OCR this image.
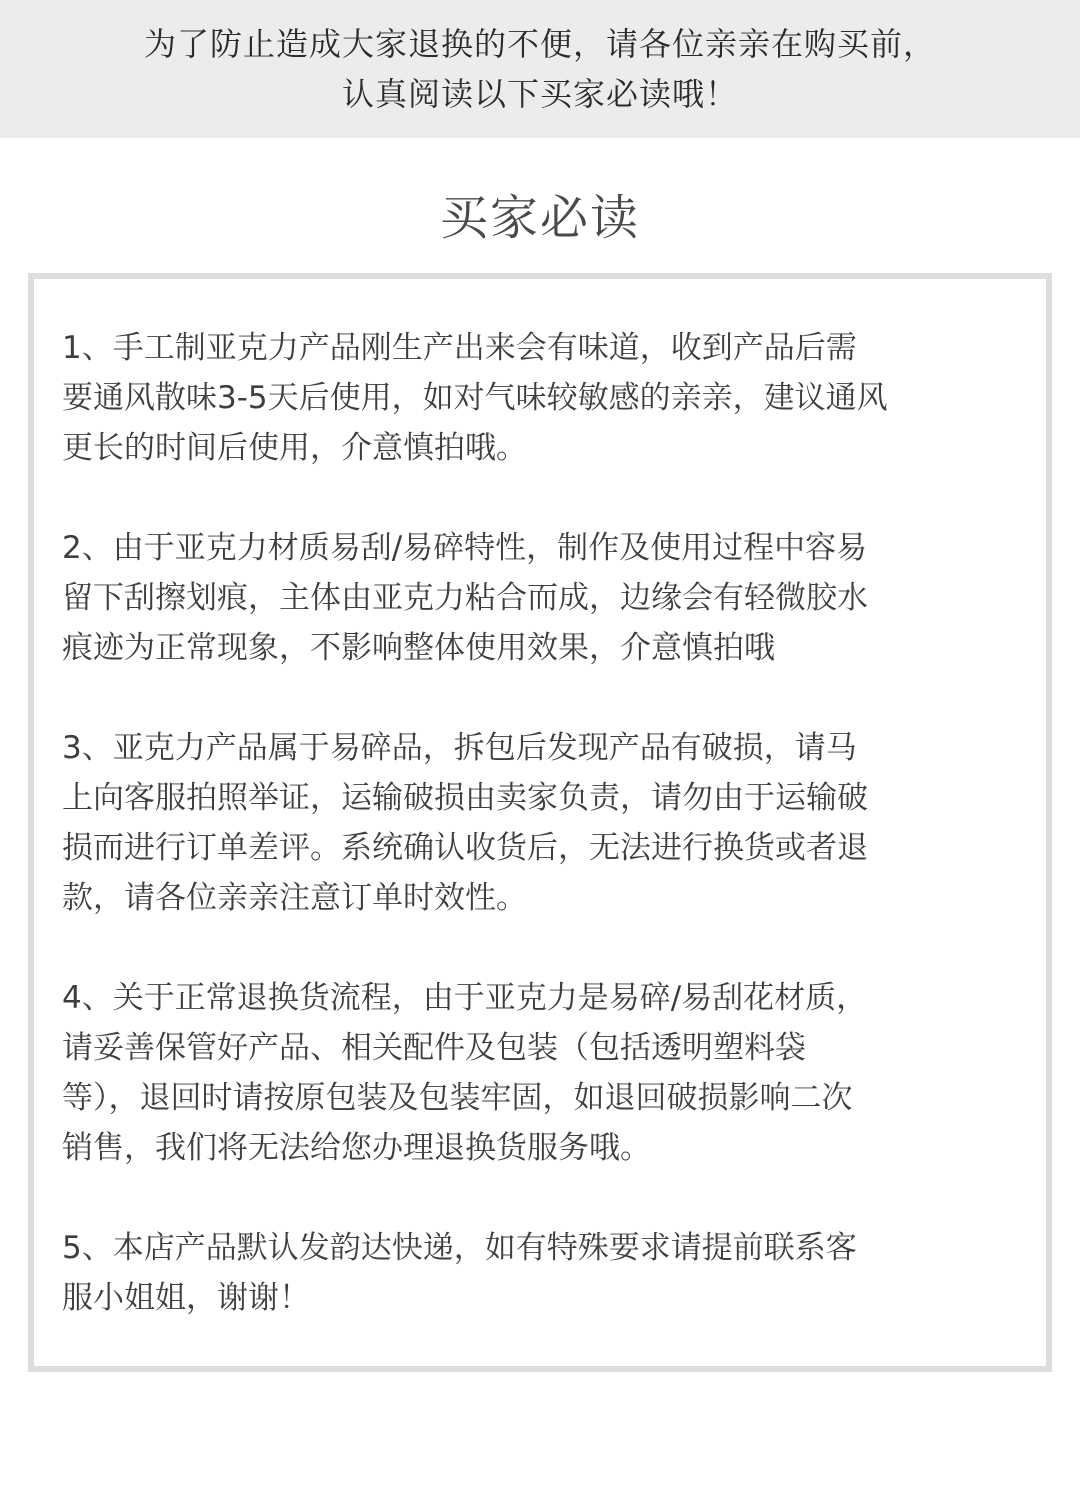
为了防止造成大家退换的不便，请各位亲亲在购买前，
认真阅读以下买家必读哦！
买家必读
1、手工制亚克力产品刚生产出来会有味道，收到产品后需
要通风散味3-5天后使用，如对气味较敏感的亲亲，建议通风
更长的时间后使用，介意慎拍哦。
2、由于亚克力材质易刮/易碎特性，制作及使用过程中容易
留下刮擦划痕，主体由亚克力粘合而成，边缘会有轻微胶水
痕迹为正常现象，不影响整体使用效果，介意慎拍哦
3、亚克力产品属于易碎品，拆包后发现产品有破损，请马
上向客服拍照举证，运输破损由卖家负责，请勿由于运输破
损而进行订单差评。系统确认收货后，无法进行换货或者退
款，请各位亲亲注意订单时效性。
4、关于正常退换货流程，由于亚克力是易碎/易刮花材质，
请妥善保管好产品、相关配件及包装（包括透明塑料袋
等），退回时请按原包装及包装牢固，如退回破损影响二次
销售，我们将无法给您办理退换货服务哦。
5、本店产品默认发韵达快递，如有特殊要求请提前联系客
服小姐姐，谢谢！
